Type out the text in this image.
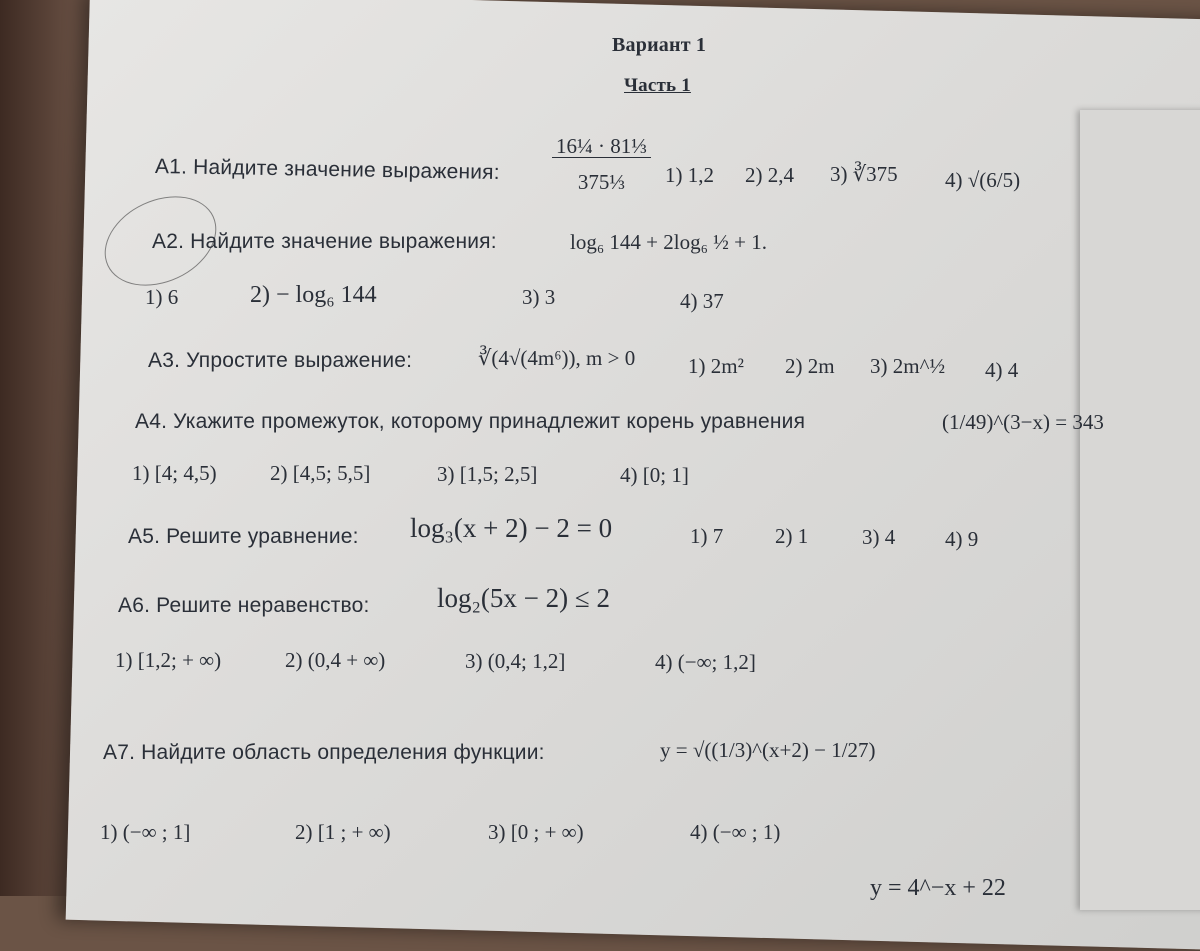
Вариант 1
Часть 1
А1. Найдите значение выражения: $\frac{\text{16¼ · 81⅓}}{\text{375⅓}} 1$) 1,2 2) 2,4 3) ∛375 4) √(6/5)
А2. Найдите значение выражения:	log₆ 144 + 2log₆ ½ + 1.
1) 6	2) − log₆ 144	3) 3	4) 37
А3. Упростите выражение:	∛(4√(4m⁶)), m > 0	1) 2m² 2) 2m 3) 2m^½ 4) 4
А4. Укажите промежуток, которому принадлежит корень уравнения	(1/49)^(3−x) = 343
1) [4; 4,5)	2) [4,5; 5,5]	3) [1,5; 2,5]	4) [0; 1]
А5. Решите уравнение: log₃(x + 2) − 2 = 0	1) 7 2) 1	3) 4 4) 9
А6. Решите неравенство: log₂(5x − 2) ≤ 2
1) [1,2; + ∞)	2) (0,4 + ∞)	3) (0,4; 1,2]	4) (−∞; 1,2]
А7. Найдите область определения функции:	y = √((1/3)^(x+2) − 1/27)
1) (−∞ ; 1]	2) [1 ; + ∞)	3) [0 ; + ∞)	4) (−∞ ; 1)
y = 4^−x + 22
